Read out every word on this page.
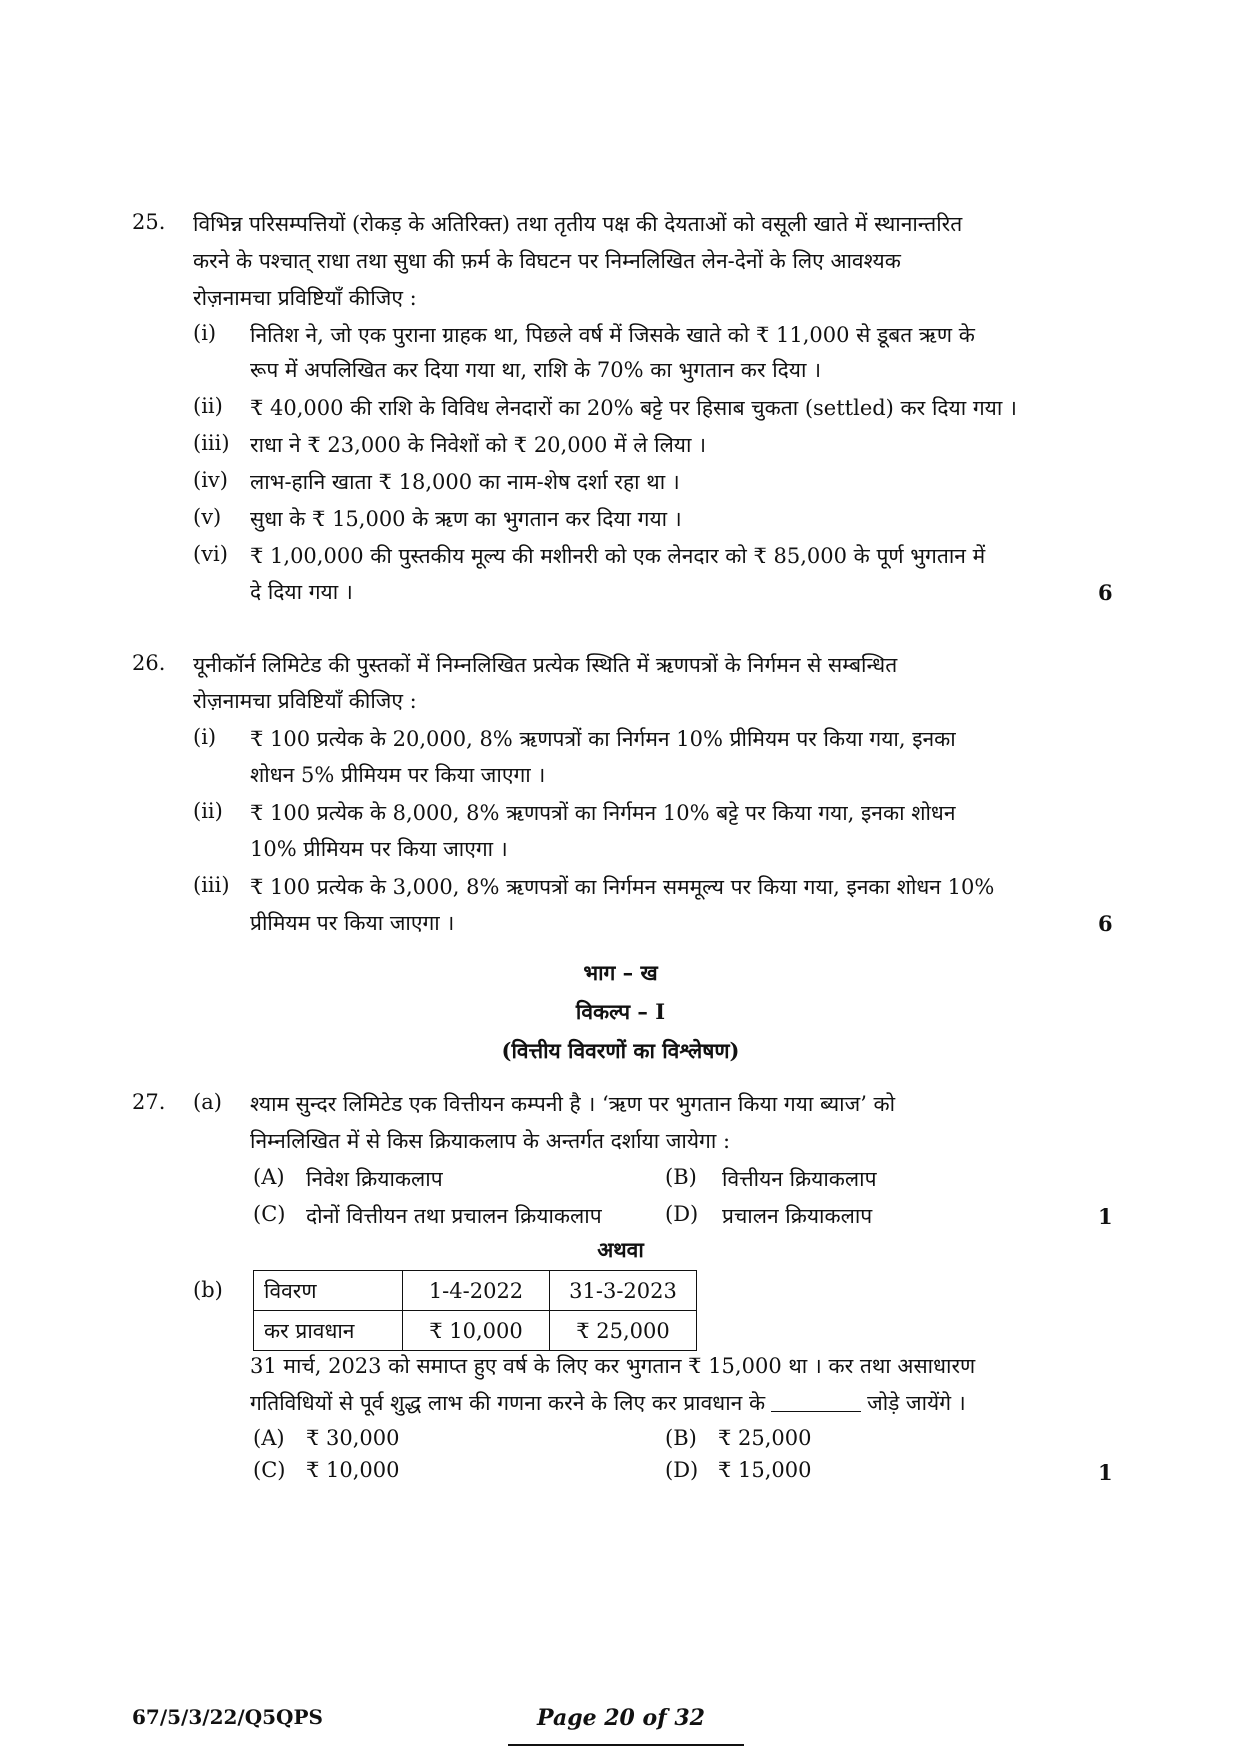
25. विभिन्न परिसम्पत्तियों (रोकड़ के अतिरिक्त) तथा तृतीय पक्ष की देयताओं को वसूली खाते में स्थानान्तरित
करने के पश्चात् राधा तथा सुधा की फ़र्म के विघटन पर निम्नलिखित लेन-देनों के लिए आवश्यक
रोज़नामचा प्रविष्टियाँ कीजिए :
(i) नितिश ने, जो एक पुराना ग्राहक था, पिछले वर्ष में जिसके खाते को ₹ 11,000 से डूबत ऋण के
रूप में अपलिखित कर दिया गया था, राशि के 70% का भुगतान कर दिया ।
(ii) ₹ 40,000 की राशि के विविध लेनदारों का 20% बट्टे पर हिसाब चुकता (settled) कर दिया गया ।
(iii) राधा ने ₹ 23,000 के निवेशों को ₹ 20,000 में ले लिया ।
(iv) लाभ-हानि खाता ₹ 18,000 का नाम-शेष दर्शा रहा था ।
(v) सुधा के ₹ 15,000 के ऋण का भुगतान कर दिया गया ।
(vi) ₹ 1,00,000 की पुस्तकीय मूल्य की मशीनरी को एक लेनदार को ₹ 85,000 के पूर्ण भुगतान में
दे दिया गया ।	6
26. यूनीकॉर्न लिमिटेड की पुस्तकों में निम्नलिखित प्रत्येक स्थिति में ऋणपत्रों के निर्गमन से सम्बन्धित
रोज़नामचा प्रविष्टियाँ कीजिए :
(i) ₹ 100 प्रत्येक के 20,000, 8% ऋणपत्रों का निर्गमन 10% प्रीमियम पर किया गया, इनका
शोधन 5% प्रीमियम पर किया जाएगा ।
(ii) ₹ 100 प्रत्येक के 8,000, 8% ऋणपत्रों का निर्गमन 10% बट्टे पर किया गया, इनका शोधन
10% प्रीमियम पर किया जाएगा ।
(iii) ₹ 100 प्रत्येक के 3,000, 8% ऋणपत्रों का निर्गमन सममूल्य पर किया गया, इनका शोधन 10%
प्रीमियम पर किया जाएगा ।	6
भाग – ख
विकल्प – I
(वित्तीय विवरणों का विश्लेषण)
27. (a) श्याम सुन्दर लिमिटेड एक वित्तीयन कम्पनी है । ‘ऋण पर भुगतान किया गया ब्याज’ को
निम्नलिखित में से किस क्रियाकलाप के अन्तर्गत दर्शाया जायेगा :
(A) निवेश क्रियाकलाप	(B) वित्तीयन क्रियाकलाप
(C) दोनों वित्तीयन तथा प्रचालन क्रियाकलाप	(D) प्रचालन क्रियाकलाप	1
अथवा
(b) विवरण	1-4-2022	31-3-2023
कर प्रावधान	₹ 10,000	₹ 25,000
31 मार्च, 2023 को समाप्त हुए वर्ष के लिए कर भुगतान ₹ 15,000 था । कर तथा असाधारण
गतिविधियों से पूर्व शुद्ध लाभ की गणना करने के लिए कर प्रावधान के	जोड़े जायेंगे ।
(A) ₹ 30,000	(B) ₹ 25,000
(C) ₹ 10,000	(D) ₹ 15,000	1
67/5/3/22/Q5QPS	Page 20 of 32
